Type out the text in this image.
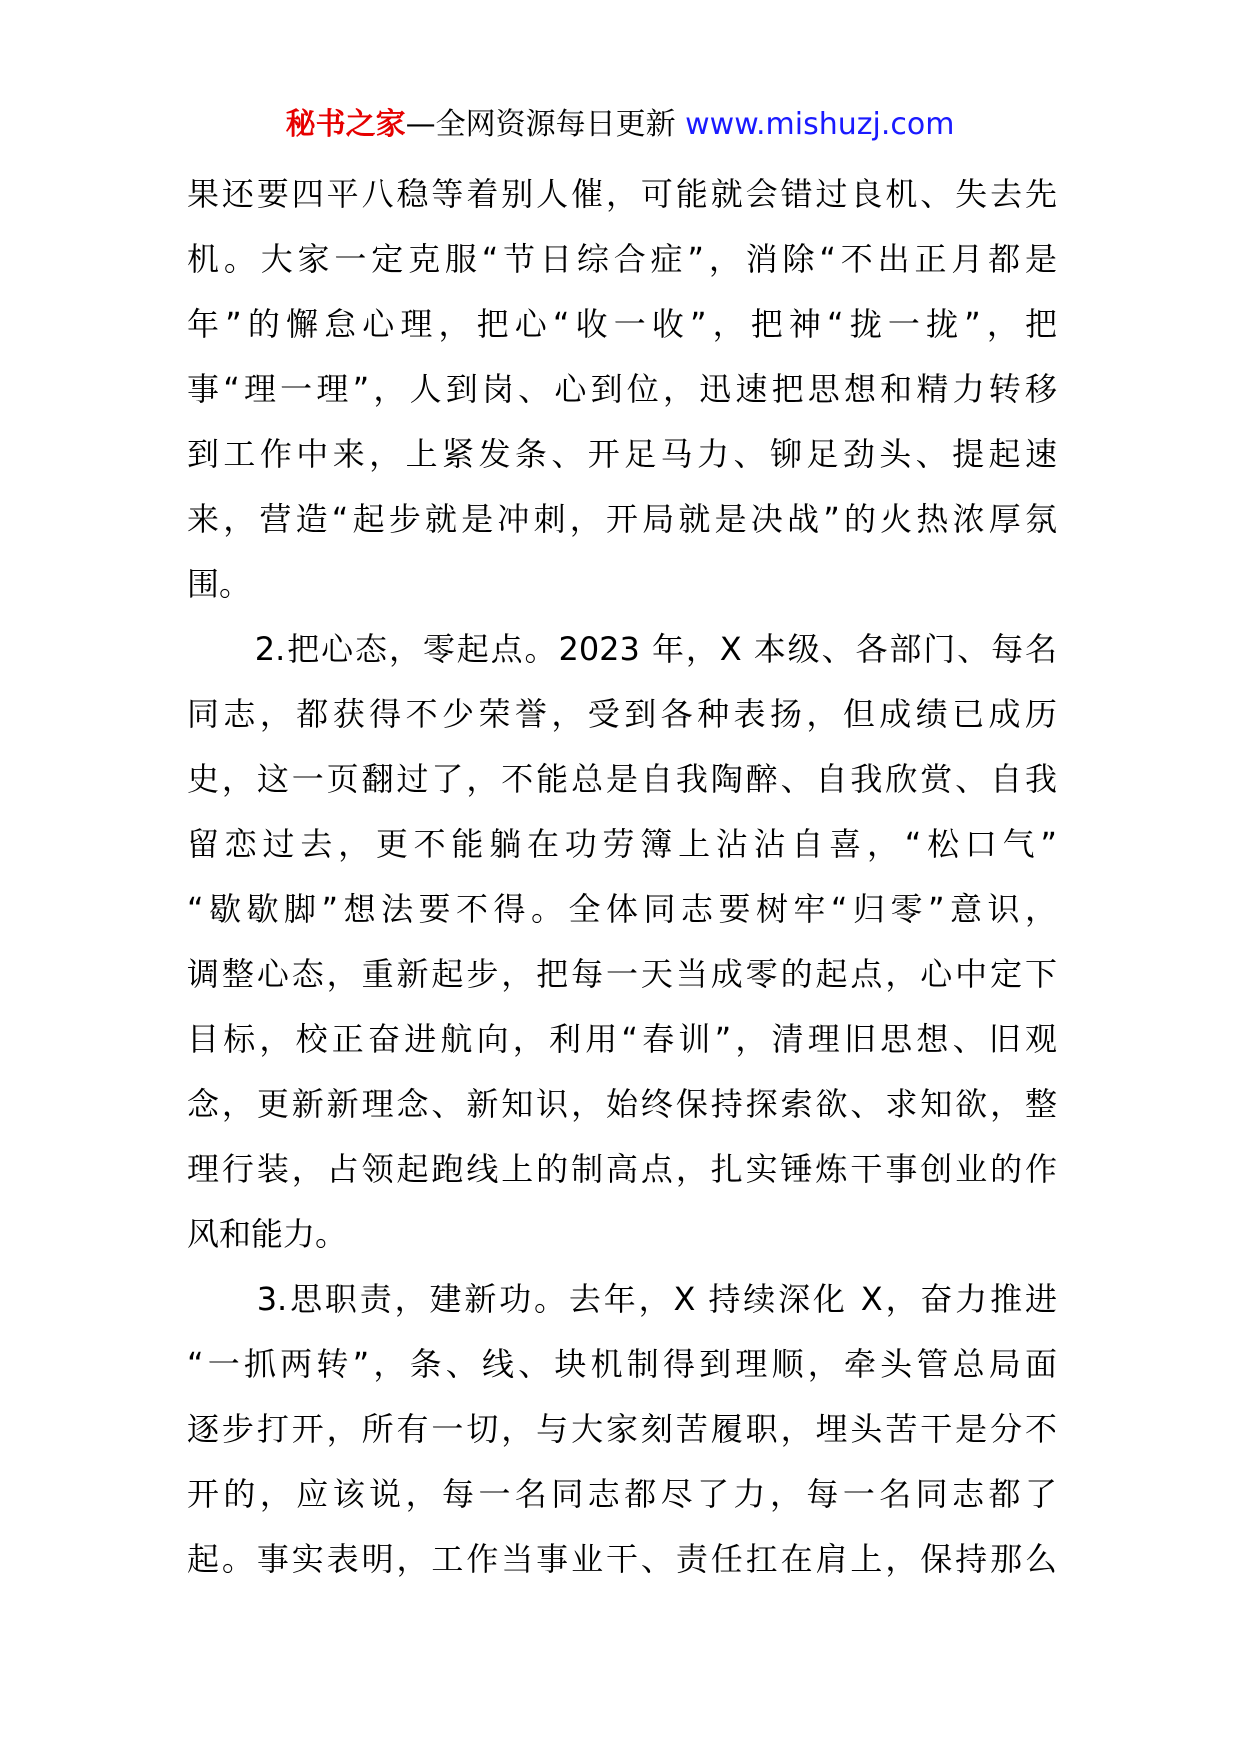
秘书之家—全网资源每日更新 www.mishuzj.com
果还要四平八稳等着别人催，可能就会错过良机、失去先
机。大家一定克服“节日综合症”，消除“不出正月都是
年”的懈怠心理，把心“收一收”，把神“拢一拢”，把
事“理一理”，人到岗、心到位，迅速把思想和精力转移
到工作中来，上紧发条、开足马力、铆足劲头、提起速
来，营造“起步就是冲刺，开局就是决战”的火热浓厚氛
围。
　　2.把心态，零起点。2023 年，X 本级、各部门、每名
同志，都获得不少荣誉，受到各种表扬，但成绩已成历
史，这一页翻过了，不能总是自我陶醉、自我欣赏、自我
留恋过去，更不能躺在功劳簿上沾沾自喜，“松口气”
“歇歇脚”想法要不得。全体同志要树牢“归零”意识，
调整心态，重新起步，把每一天当成零的起点，心中定下
目标，校正奋进航向，利用“春训”，清理旧思想、旧观
念，更新新理念、新知识，始终保持探索欲、求知欲，整
理行装，占领起跑线上的制高点，扎实锤炼干事创业的作
风和能力。
　　3.思职责，建新功。去年，X 持续深化 X，奋力推进
“一抓两转”，条、线、块机制得到理顺，牵头管总局面
逐步打开，所有一切，与大家刻苦履职，埋头苦干是分不
开的，应该说，每一名同志都尽了力，每一名同志都了
起。事实表明，工作当事业干、责任扛在肩上，保持那么
